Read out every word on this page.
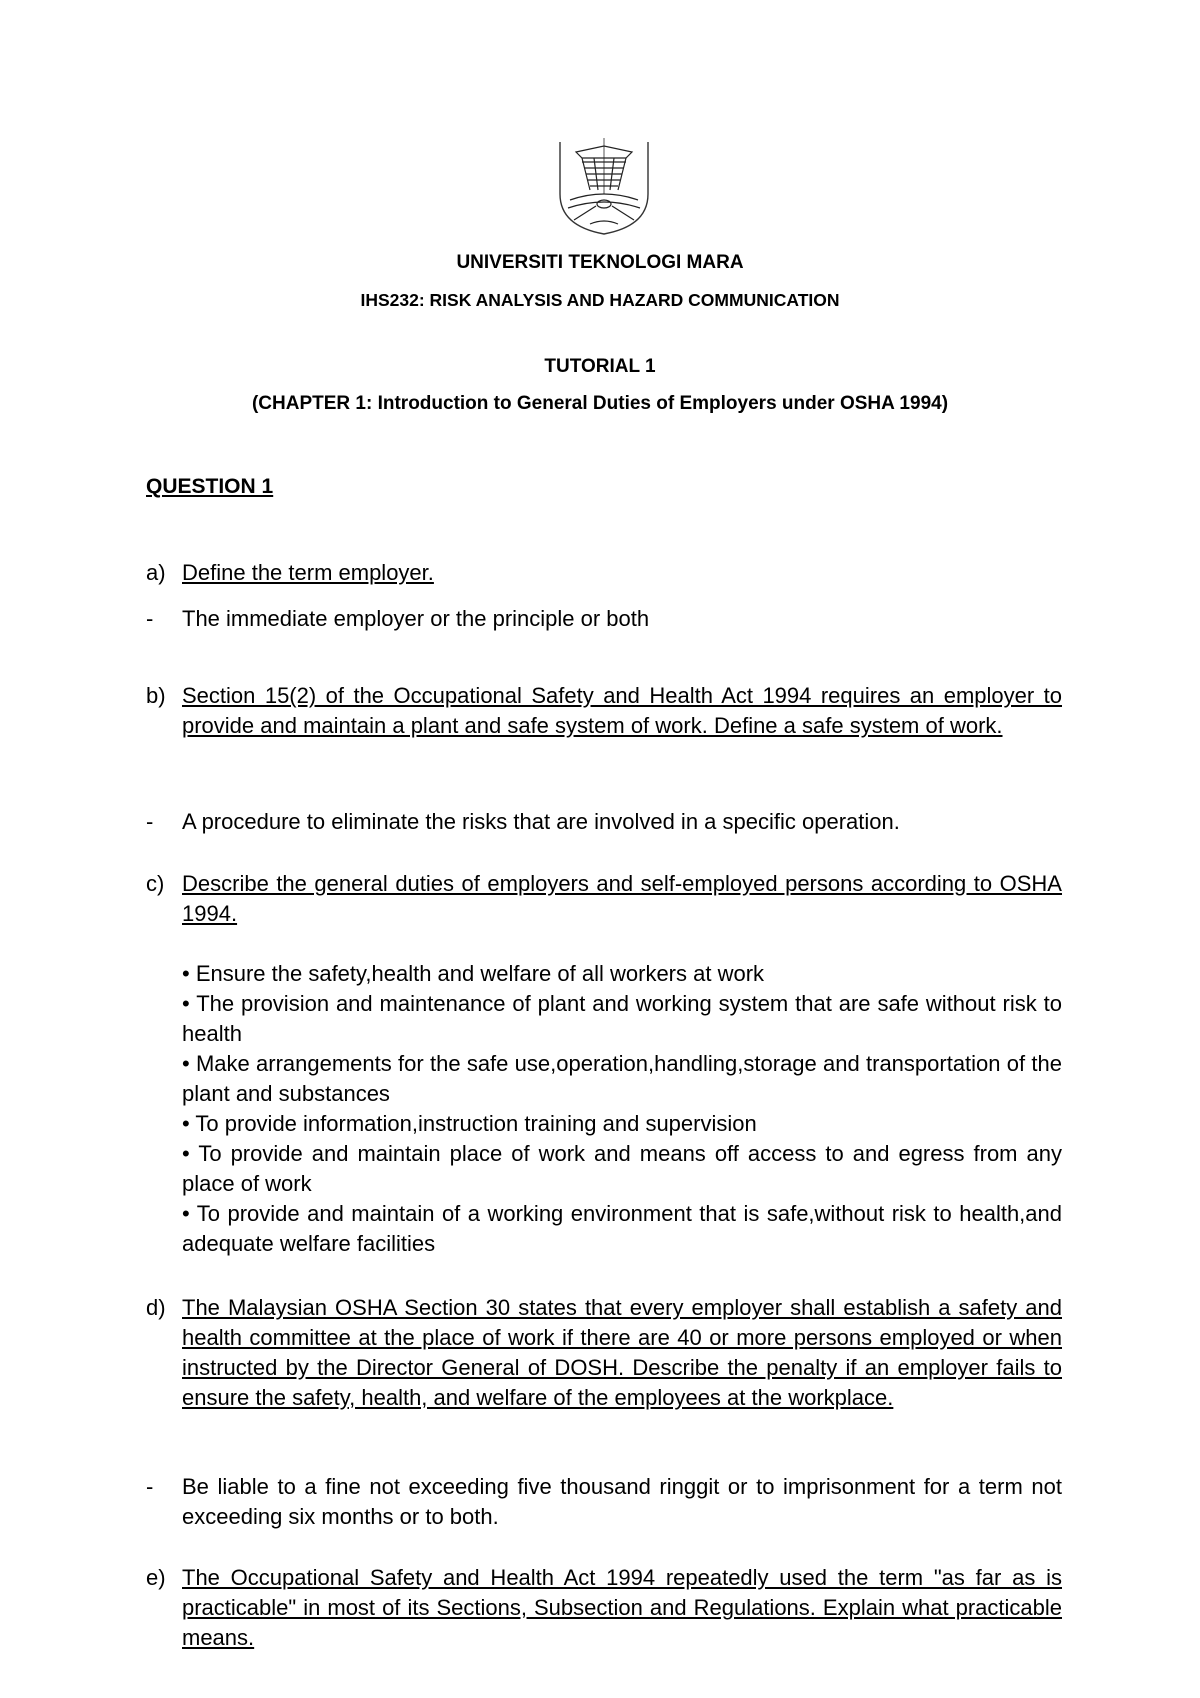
UNIVERSITI TEKNOLOGI MARA
IHS232: RISK ANALYSIS AND HAZARD COMMUNICATION
TUTORIAL 1
(CHAPTER 1: Introduction to General Duties of Employers under OSHA 1994)
QUESTION 1
a) Define the term employer.
- The immediate employer or the principle or both
b) Section 15(2) of the Occupational Safety and Health Act 1994 requires an employer to provide and maintain a plant and safe system of work. Define a safe system of work.
- A procedure to eliminate the risks that are involved in a specific operation.
c) Describe the general duties of employers and self-employed persons according to OSHA 1994.
• Ensure the safety,health and welfare of all workers at work
• The provision and maintenance of plant and working system that are safe without risk to health
• Make arrangements for the safe use,operation,handling,storage and transportation of the plant and substances
• To provide information,instruction training and supervision
• To provide and maintain place of work and means off access to and egress from any place of work
• To provide and maintain of a working environment that is safe,without risk to health,and adequate welfare facilities
d) The Malaysian OSHA Section 30 states that every employer shall establish a safety and health committee at the place of work if there are 40 or more persons employed or when instructed by the Director General of DOSH. Describe the penalty if an employer fails to ensure the safety, health, and welfare of the employees at the workplace.
- Be liable to a fine not exceeding five thousand ringgit or to imprisonment for a term not exceeding six months or to both.
e) The Occupational Safety and Health Act 1994 repeatedly used the term "as far as is practicable" in most of its Sections, Subsection and Regulations. Explain what practicable means.
